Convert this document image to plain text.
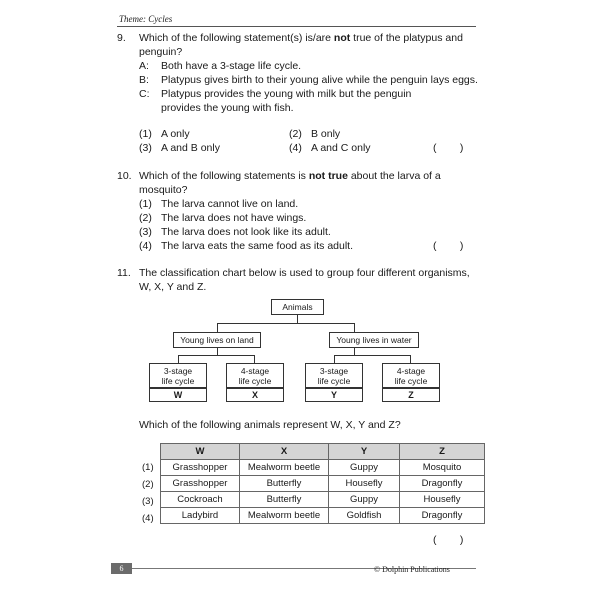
Theme: Cycles
9. Which of the following statement(s) is/are not true of the platypus and
penguin?
A: Both have a 3-stage life cycle.
B: Platypus gives birth to their young alive while the penguin lays eggs.
C: Platypus provides the young with milk but the penguin
provides the young with fish.
(1) A only	(2) B only
(3) A and B only	(4) A and C only	(        )
10. Which of the following statements is not true about the larva of a
mosquito?
(1) The larva cannot live on land.
(2) The larva does not have wings.
(3) The larva does not look like its adult.
(4) The larva eats the same food as its adult.	(        )
11. The classification chart below is used to group four different organisms,
W, X, Y and Z.
Animals
Young lives on land	Young lives in water
3-stage
life cycle
W
4-stage
life cycle
X
3-stage
life cycle
Y
4-stage
life cycle
Z
Which of the following animals represent W, X, Y and Z?
W	X	Y	Z
Grasshopper	Mealworm beetle	Guppy	Mosquito
Grasshopper	Butterfly	Housefly	Dragonfly
Cockroach	Butterfly	Guppy	Housefly
Ladybird	Mealworm beetle	Goldfish	Dragonfly
(1)
(2)
(3)
(4)
(        )
6	© Dolphin Publications
